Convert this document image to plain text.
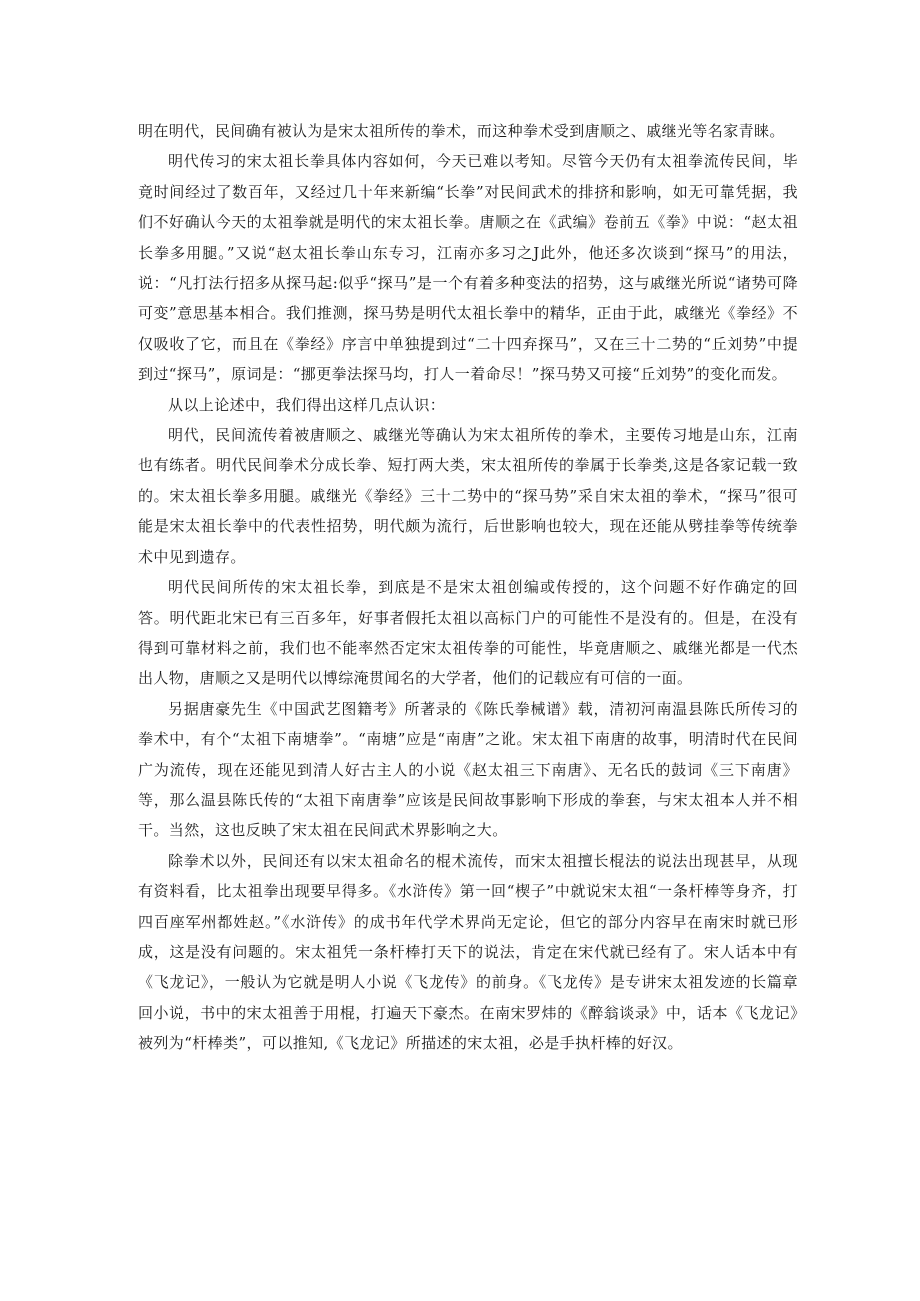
明在明代，民间确有被认为是宋太祖所传的拳术，而这种拳术受到唐顺之、戚继光等名家青睐。

明代传习的宋太祖长拳具体内容如何，今天已难以考知。尽管今天仍有太祖拳流传民间，毕竟时间经过了数百年，又经过几十年来新编“长拳”对民间武术的排挤和影响，如无可靠凭据，我们不好确认今天的太祖拳就是明代的宋太祖长拳。唐顺之在《武编》卷前五《拳》中说：“赵太祖长拳多用腿。”又说“赵太祖长拳山东专习，江南亦多习之J此外，他还多次谈到“探马”的用法，说：“凡打法行招多从探马起:似乎“探马”是一个有着多种变法的招势，这与戚继光所说“诸势可降可变”意思基本相合。我们推测，探马势是明代太祖长拳中的精华，正由于此，戚继光《拳经》不仅吸收了它，而且在《拳经》序言中单独提到过“二十四弃探马”，又在三十二势的“丘刘势”中提到过“探马”，原词是：“挪更拳法探马均，打人一着命尽！”探马势又可接“丘刘势”的变化而发。

从以上论述中，我们得出这样几点认识：

明代，民间流传着被唐顺之、戚继光等确认为宋太祖所传的拳术，主要传习地是山东，江南也有练者。明代民间拳术分成长拳、短打两大类，宋太祖所传的拳属于长拳类,这是各家记载一致的。宋太祖长拳多用腿。戚继光《拳经》三十二势中的“探马势”采自宋太祖的拳术，“探马”很可能是宋太祖长拳中的代表性招势，明代颇为流行，后世影响也较大，现在还能从劈挂拳等传统拳术中见到遗存。

明代民间所传的宋太祖长拳，到底是不是宋太祖创编或传授的，这个问题不好作确定的回答。明代距北宋已有三百多年，好事者假托太祖以高标门户的可能性不是没有的。但是，在没有得到可靠材料之前，我们也不能率然否定宋太祖传拳的可能性，毕竟唐顺之、戚继光都是一代杰出人物，唐顺之又是明代以博综淹贯闻名的大学者，他们的记载应有可信的一面。

另据唐豪先生《中国武艺图籍考》所著录的《陈氏拳械谱》载，清初河南温县陈氏所传习的拳术中，有个“太祖下南塘拳”。“南塘”应是“南唐”之讹。宋太祖下南唐的故事，明清时代在民间广为流传，现在还能见到清人好古主人的小说《赵太祖三下南唐》、无名氏的鼓词《三下南唐》等，那么温县陈氏传的“太祖下南唐拳”应该是民间故事影响下形成的拳套，与宋太祖本人并不相干。当然，这也反映了宋太祖在民间武术界影响之大。

除拳术以外，民间还有以宋太祖命名的棍术流传，而宋太祖擅长棍法的说法出现甚早，从现有资料看，比太祖拳出现要早得多。《水浒传》第一回“楔子”中就说宋太祖“一条杆棒等身齐，打四百座军州都姓赵。”《水浒传》的成书年代学术界尚无定论，但它的部分内容早在南宋时就已形成，这是没有问题的。宋太祖凭一条杆棒打天下的说法，肯定在宋代就已经有了。宋人话本中有《飞龙记》，一般认为它就是明人小说《飞龙传》的前身。《飞龙传》是专讲宋太祖发迹的长篇章回小说，书中的宋太祖善于用棍，打遍天下豪杰。在南宋罗炜的《醉翁谈录》中，话本《飞龙记》被列为“杆棒类”，可以推知,《飞龙记》所描述的宋太祖，必是手执杆棒的好汉。
